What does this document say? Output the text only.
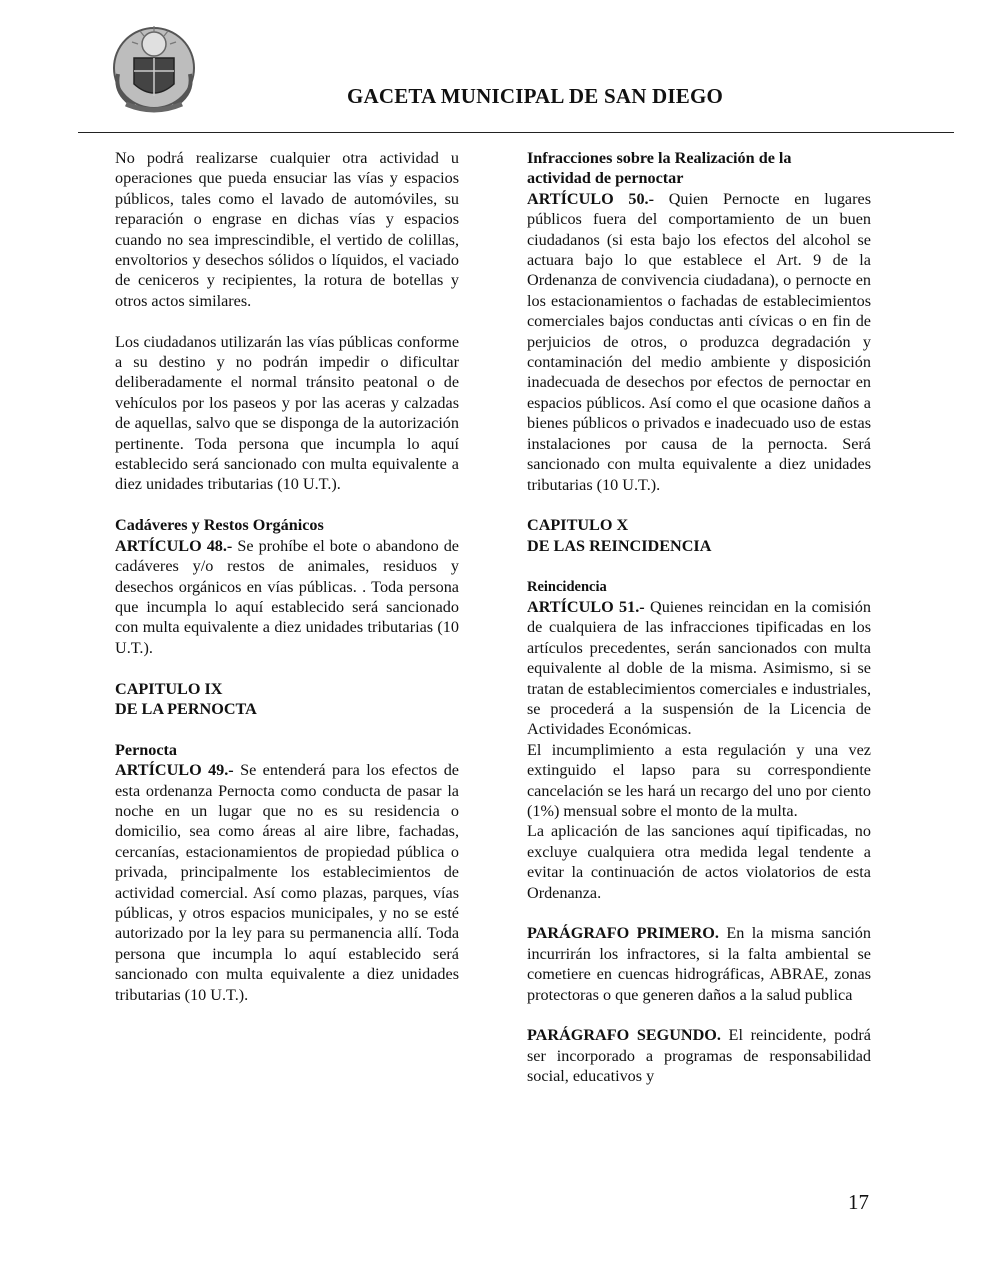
GACETA MUNICIPAL DE SAN DIEGO

No podrá realizarse cualquier otra actividad u operaciones que pueda ensuciar las vías y espacios públicos, tales como el lavado de automóviles, su reparación o engrase en dichas vías y espacios cuando no sea imprescindible, el vertido de colillas, envoltorios y desechos sólidos o líquidos, el vaciado de ceniceros y recipientes, la rotura de botellas y otros actos similares.

Los ciudadanos utilizarán las vías públicas conforme a su destino y no podrán impedir o dificultar deliberadamente el normal tránsito peatonal o de vehículos por los paseos y por las aceras y calzadas de aquellas, salvo que se disponga de la autorización pertinente. Toda persona que incumpla lo aquí establecido será sancionado con multa equivalente a diez unidades tributarias (10 U.T.).

Cadáveres y Restos Orgánicos

ARTÍCULO 48.- Se prohíbe el bote o abandono de cadáveres y/o restos de animales, residuos y desechos orgánicos en vías públicas. . Toda persona que incumpla lo aquí establecido será sancionado con multa equivalente a diez unidades tributarias (10 U.T.).

CAPITULO IX

DE LA PERNOCTA

Pernocta

ARTÍCULO 49.- Se entenderá para los efectos de esta ordenanza Pernocta como conducta de pasar la noche en un lugar que no es su residencia o domicilio, sea como áreas al aire libre, fachadas, cercanías, estacionamientos de propiedad pública o privada, principalmente los establecimientos de actividad comercial. Así como plazas, parques, vías públicas, y otros espacios municipales, y no se esté autorizado por la ley para su permanencia allí. Toda persona que incumpla lo aquí establecido será sancionado con multa equivalente a diez unidades tributarias (10 U.T.).

Infracciones sobre la Realización de la

actividad de pernoctar

ARTÍCULO 50.- Quien Pernocte en lugares públicos fuera del comportamiento de un buen ciudadanos (si esta bajo los efectos del alcohol se actuara bajo lo que establece el Art. 9 de la Ordenanza de convivencia ciudadana), o pernocte en los estacionamientos o fachadas de establecimientos comerciales bajos conductas anti cívicas o en fin de perjuicios de otros, o produzca degradación y contaminación del medio ambiente y disposición inadecuada de desechos por efectos de pernoctar en espacios públicos. Así como el que ocasione daños a bienes públicos o privados e inadecuado uso de estas instalaciones por causa de la pernocta. Será sancionado con multa equivalente a diez unidades tributarias (10 U.T.).

CAPITULO X

DE LAS REINCIDENCIA

Reincidencia

ARTÍCULO 51.- Quienes reincidan en la comisión de cualquiera de las infracciones tipificadas en los artículos precedentes, serán sancionados con multa equivalente al doble de la misma. Asimismo, si se tratan de establecimientos comerciales e industriales, se procederá a la suspensión de la Licencia de Actividades Económicas.

El incumplimiento a esta regulación y una vez extinguido el lapso para su correspondiente cancelación se les hará un recargo del uno por ciento (1%) mensual sobre el monto de la multa.

La aplicación de las sanciones aquí tipificadas, no excluye cualquiera otra medida legal tendente a evitar la continuación de actos violatorios de esta Ordenanza.

PARÁGRAFO PRIMERO. En la misma sanción incurrirán los infractores, si la falta ambiental se cometiere en cuencas hidrográficas, ABRAE, zonas protectoras o que generen daños a la salud publica

PARÁGRAFO SEGUNDO. El reincidente, podrá ser incorporado a programas de responsabilidad social, educativos y

17
